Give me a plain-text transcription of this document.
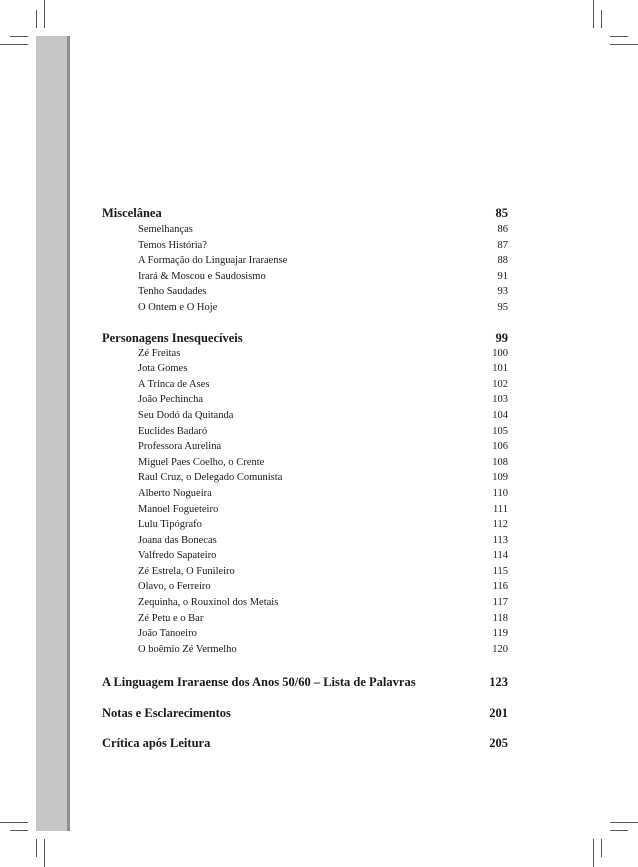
Miscelânea	85
Semelhanças	86
Temos História?	87
A Formação do Linguajar Iraraense	88
Irará & Moscou e Saudosismo	91
Tenho Saudades	93
O Ontem e O Hoje	95
Personagens Inesquecíveis	99
Zé Freitas	100
Jota Gomes	101
A Trinca de Ases	102
João Pechincha	103
Seu Dodó da Quitanda	104
Euclides Badaró	105
Professora Aurelina	106
Miguel Paes Coelho, o Crente	108
Raul Cruz, o Delegado Comunista	109
Alberto Nogueira	110
Manoel Fogueteiro	111
Lulu Tipógrafo	112
Joana das Bonecas	113
Valfredo Sapateiro	114
Zé Estrela, O Funileiro	115
Olavo, o Ferreiro	116
Zequinha, o Rouxinol dos Metais	117
Zé Petu e o Bar	118
João Tanoeiro	119
O boêmio Zé Vermelho	120
A Linguagem Iraraense dos Anos 50/60 – Lista de Palavras	123
Notas e Esclarecimentos	201
Crítica após Leitura	205
